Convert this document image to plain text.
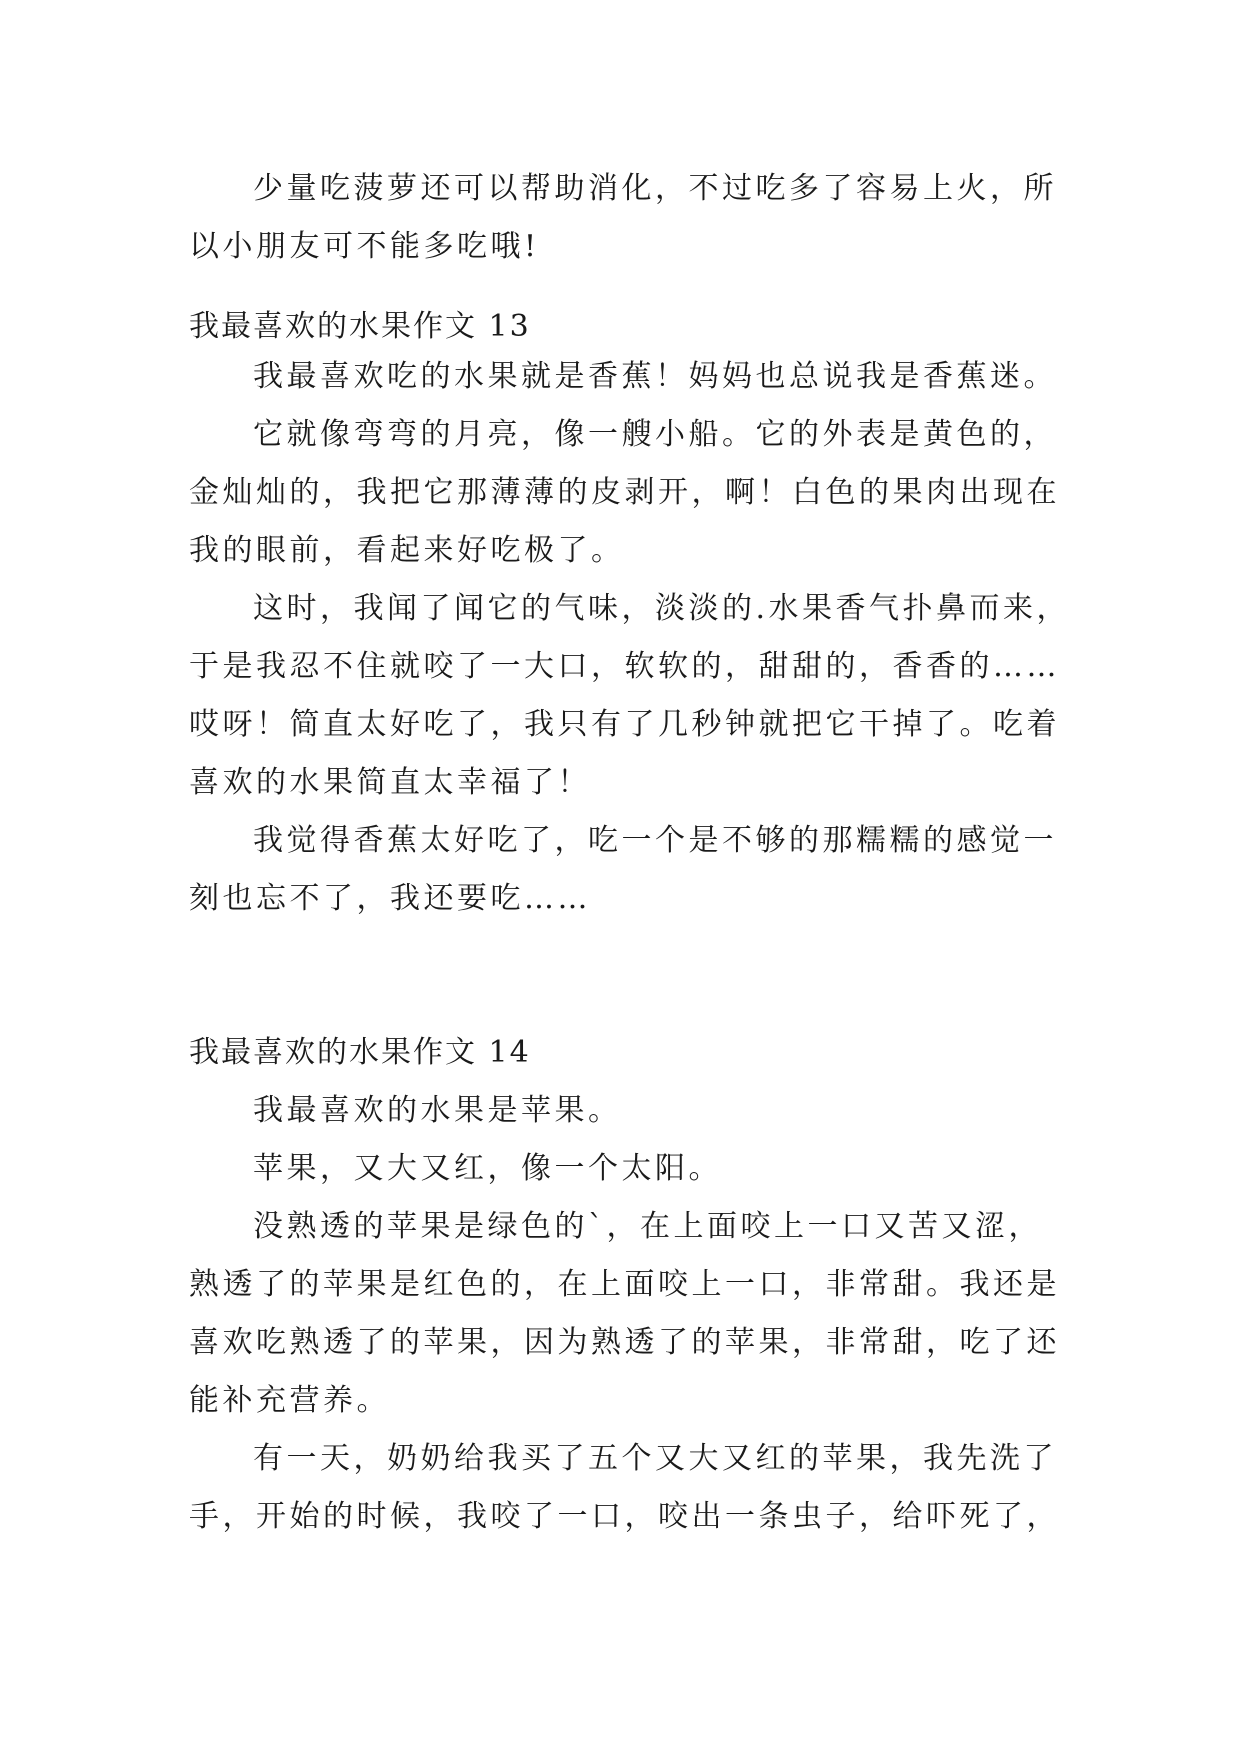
少量吃菠萝还可以帮助消化，不过吃多了容易上火，所
以小朋友可不能多吃哦!
我最喜欢的水果作文 13
我最喜欢吃的水果就是香蕉！妈妈也总说我是香蕉迷。
它就像弯弯的月亮，像一艘小船。它的外表是黄色的，
金灿灿的，我把它那薄薄的皮剥开，啊！白色的果肉出现在
我的眼前，看起来好吃极了。
这时，我闻了闻它的气味，淡淡的.水果香气扑鼻而来，
于是我忍不住就咬了一大口，软软的，甜甜的，香香的……
哎呀！简直太好吃了，我只有了几秒钟就把它干掉了。吃着
喜欢的水果简直太幸福了！
我觉得香蕉太好吃了，吃一个是不够的那糯糯的感觉一
刻也忘不了，我还要吃……
我最喜欢的水果作文 14
我最喜欢的水果是苹果。
苹果，又大又红，像一个太阳。
没熟透的苹果是绿色的`，在上面咬上一口又苦又涩，
熟透了的苹果是红色的，在上面咬上一口，非常甜。我还是
喜欢吃熟透了的苹果，因为熟透了的苹果，非常甜，吃了还
能补充营养。
有一天，奶奶给我买了五个又大又红的苹果，我先洗了
手，开始的时候，我咬了一口，咬出一条虫子，给吓死了，
